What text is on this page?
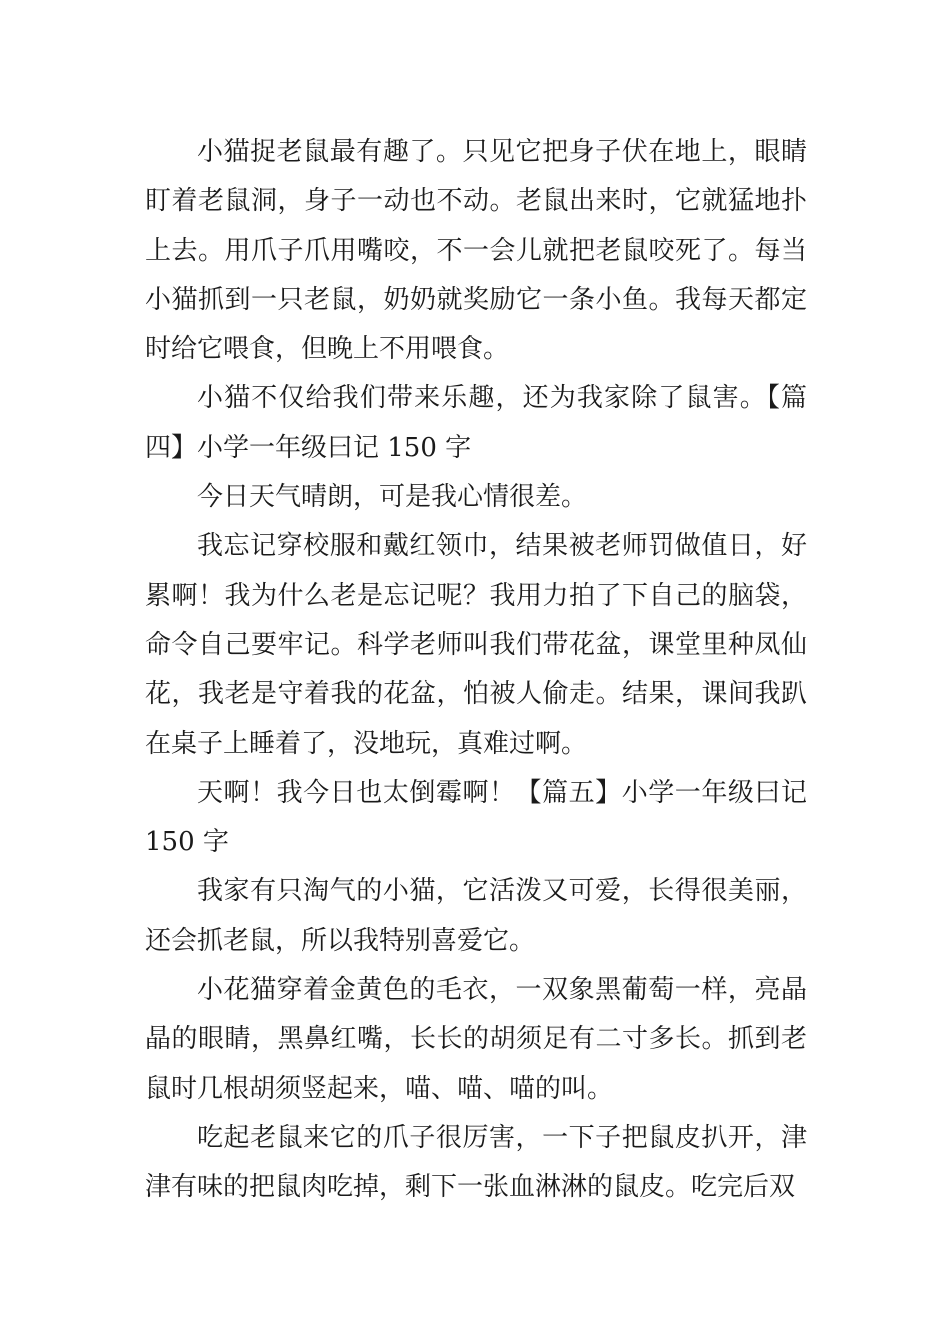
小猫捉老鼠最有趣了。只见它把身子伏在地上，眼睛盯着老鼠洞，身子一动也不动。老鼠出来时，它就猛地扑上去。用爪子爪用嘴咬，不一会儿就把老鼠咬死了。每当小猫抓到一只老鼠，奶奶就奖励它一条小鱼。我每天都定时给它喂食，但晚上不用喂食。

小猫不仅给我们带来乐趣，还为我家除了鼠害。【篇四】小学一年级曰记 150 字

今日天气晴朗，可是我心情很差。

我忘记穿校服和戴红领巾，结果被老师罚做值日，好累啊！我为什么老是忘记呢？我用力拍了下自己的脑袋，命令自己要牢记。科学老师叫我们带花盆，课堂里种凤仙花，我老是守着我的花盆，怕被人偷走。结果，课间我趴在桌子上睡着了，没地玩，真难过啊。

天啊！我今日也太倒霉啊！【篇五】小学一年级曰记 150 字

我家有只淘气的小猫，它活泼又可爱，长得很美丽，还会抓老鼠，所以我特别喜爱它。

小花猫穿着金黄色的毛衣，一双象黑葡萄一样，亮晶晶的眼睛，黑鼻红嘴，长长的胡须足有二寸多长。抓到老鼠时几根胡须竖起来，喵、喵、喵的叫。

吃起老鼠来它的爪子很厉害，一下子把鼠皮扒开，津津有味的把鼠肉吃掉，剩下一张血淋淋的鼠皮。吃完后双
